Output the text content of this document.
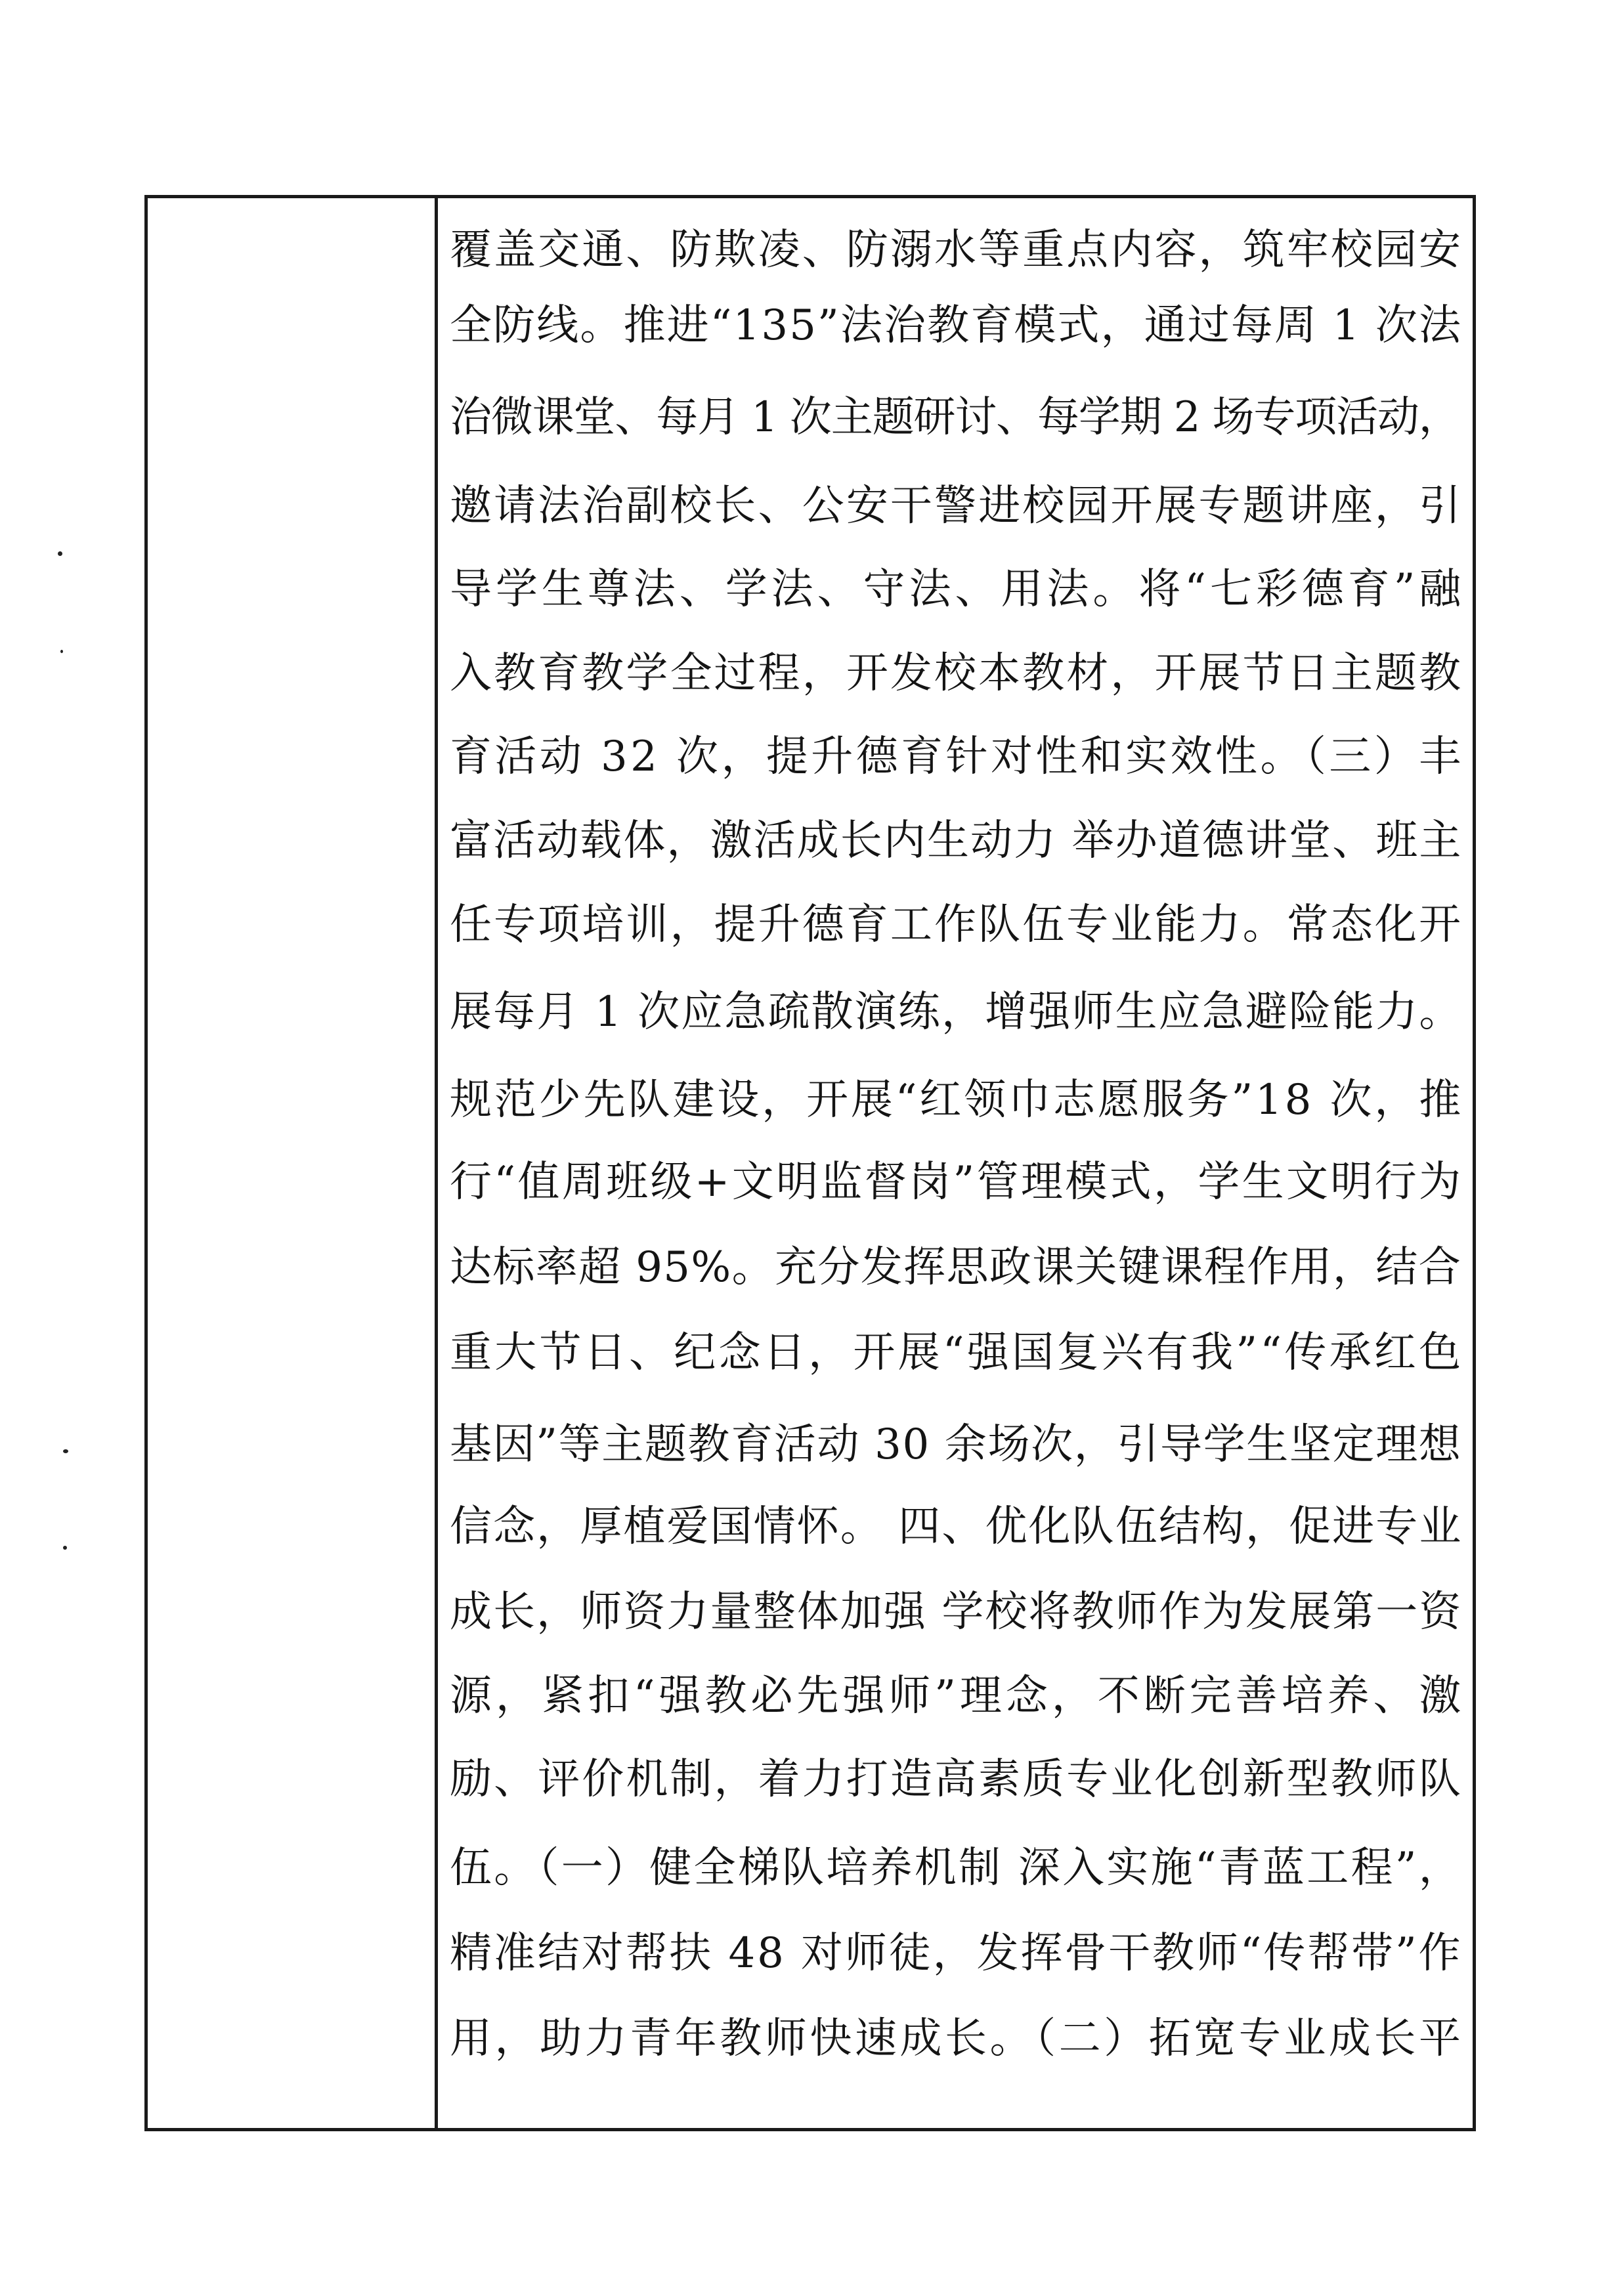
覆盖交通、防欺凌、防溺水等重点内容，筑牢校园安
全防线。推进“135”法治教育模式，通过每周 1 次法
治微课堂、每月 1 次主题研讨、每学期 2 场专项活动，
邀请法治副校长、公安干警进校园开展专题讲座，引
导学生尊法、学法、守法、用法。将“七彩德育”融
入教育教学全过程，开发校本教材，开展节日主题教
育活动 32 次，提升德育针对性和实效性。（三）丰
富活动载体，激活成长内生动力 举办道德讲堂、班主
任专项培训，提升德育工作队伍专业能力。常态化开
展每月 1 次应急疏散演练，增强师生应急避险能力。
规范少先队建设，开展“红领巾志愿服务”18 次，推
行“值周班级+文明监督岗”管理模式，学生文明行为
达标率超 95%。充分发挥思政课关键课程作用，结合
重大节日、纪念日，开展“强国复兴有我”“传承红色
基因”等主题教育活动 30 余场次，引导学生坚定理想
信念，厚植爱国情怀。 四、优化队伍结构，促进专业
成长，师资力量整体加强 学校将教师作为发展第一资
源，紧扣“强教必先强师”理念，不断完善培养、激
励、评价机制，着力打造高素质专业化创新型教师队
伍。（一）健全梯队培养机制 深入实施“青蓝工程”，
精准结对帮扶 48 对师徒，发挥骨干教师“传帮带”作
用，助力青年教师快速成长。（二）拓宽专业成长平
